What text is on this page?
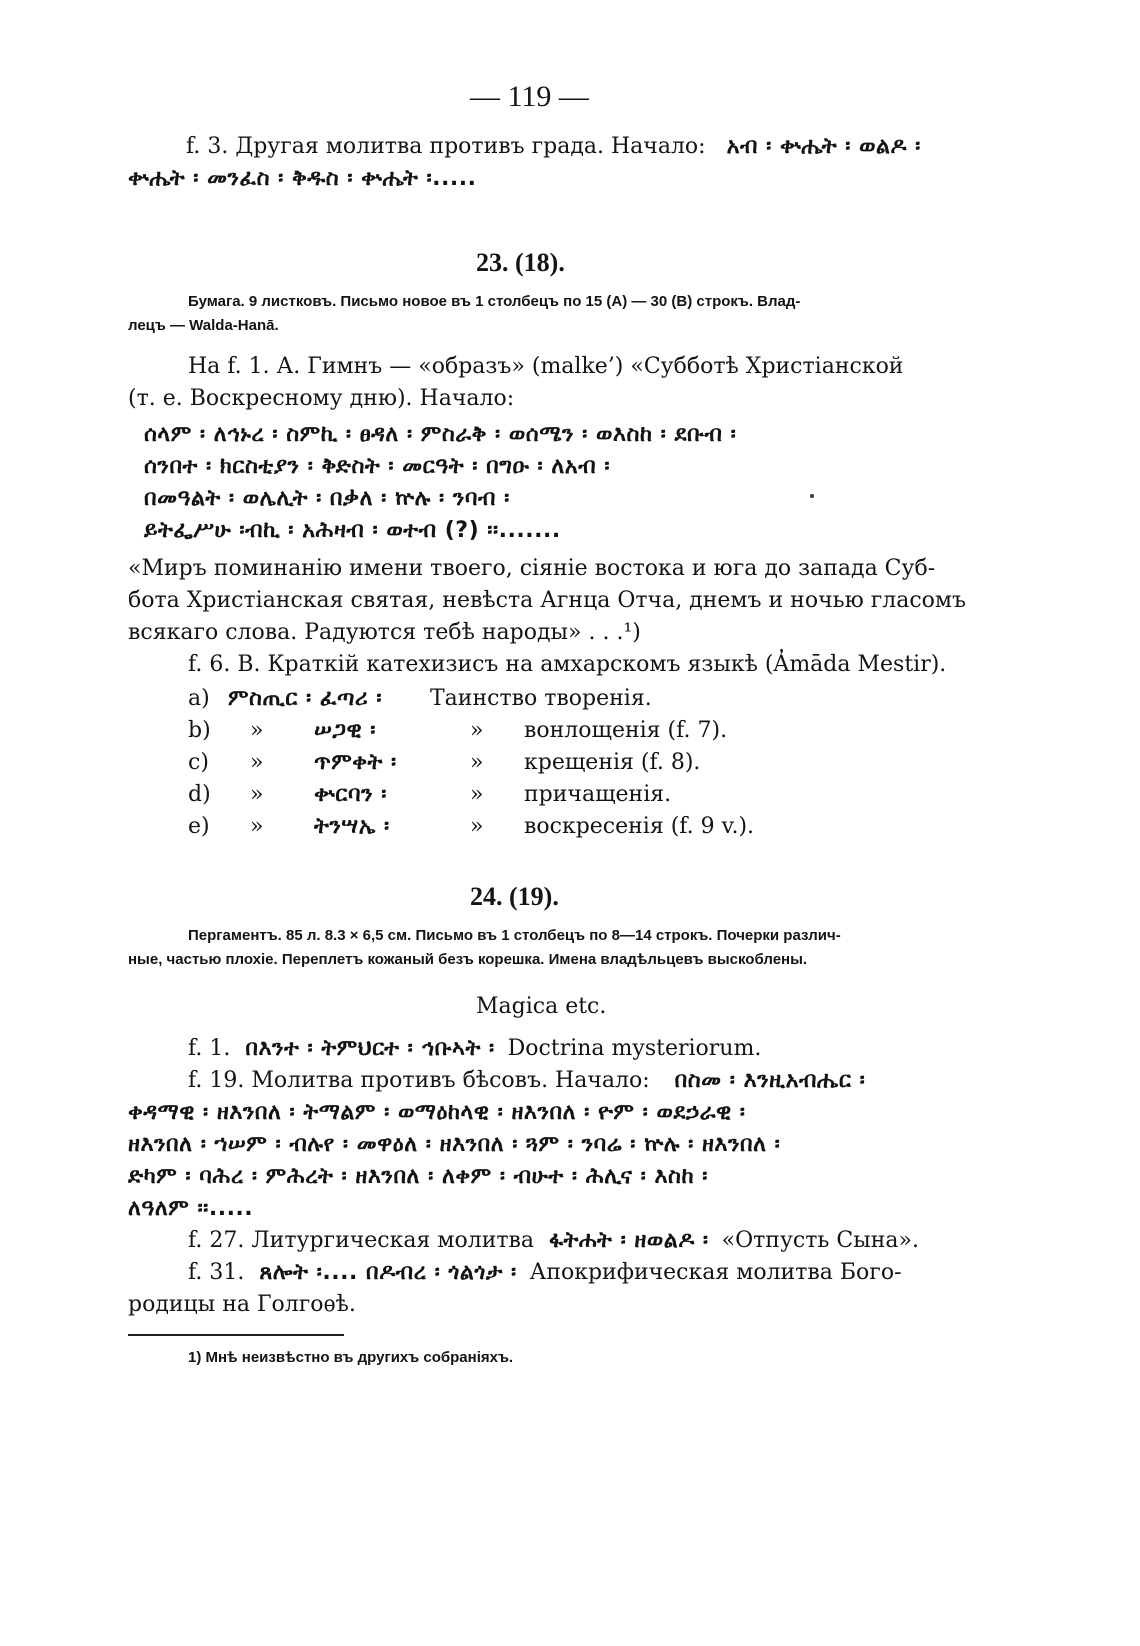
— 119 —
f. 3. Другая молитва противъ града. Начало: አብ ፡ ቍሔት ፡ ወልዶ ፡
ቍሔት ፡ መንፈስ ፡ ቅዱስ ፡ ቍሔት ፡.....
23. (18).
Бумага. 9 листковъ. Письмо новое въ 1 столбецъ по 15 (A) — 30 (B) строкъ. Влад-
лецъ — Walda-Hanā.
На f. 1. А. Гимнъ — «образъ» (malke’) «Субботѣ Христіанской
(т. е. Воскресному дню). Начало:
ሰላም ፡ ለኅኑረ ፡ ስምኪ ፡ ፀዳለ ፡ ምስራቅ ፡ ወሰሜን ፡ ወእስከ ፡ ደቡብ ፡
ሰንበተ ፡ ክርስቲያን ፡ ቅድስት ፡ መርዓት ፡ በግዑ ፡ ለአብ ፡
በመዓልት ፡ ወሌሊት ፡ በቃለ ፡ ኵሉ ፡ ንባብ ፡
ይትፌሥሁ ፡ብኪ ፡ አሕዛብ ፡ ወተብ (?) ፡፡.......
«Миръ поминанію имени твоего, сіяніе востока и юга до запада Суб-
бота Христіанская святая, невѣста Агнца Отча, днемъ и ночью гласомъ
всякаго слова. Радуются тебѣ народы» . . .¹)
f. 6. В. Краткій катехизисъ на амхарскомъ языкѣ (A̓māda Mestir).
a) ምስጢር ፡ ፈጣሪ ፡ Таинство творенія.
b) » ሠጋዊ ፡	» вонлощенія (f. 7).
c) » ጥምቀት ፡	» крещенія (f. 8).
d) » ቍርባን ፡	» причащенія.
e) » ትንሣኤ ፡	» воскресенія (f. 9 v.).
24. (19).
Пергаментъ. 85 л. 8.3 × 6,5 см. Письмо въ 1 столбецъ по 8—14 строкъ. Почерки различ-
ные, частью плохіе. Переплетъ кожаный безъ корешка. Имена владѣльцевъ выскоблены.
Magica etc.
f. 1. በእንተ ፡ ትምህርተ ፡ ኅቡኣት ፡ Doctrina mysteriorum.
f. 19. Молитва противъ бѣсовъ. Начало: በስመ ፡ እንዚአብሔር ፡
ቀዳማዊ ፡ ዘእንበለ ፡ ትማልም ፡ ወማዕከላዊ ፡ ዘእንበለ ፡ ዮም ፡ ወደኃራዊ ፡
ዘእንበለ ፡ ኀሠም ፡ ብሉየ ፡ መዋዕለ ፡ ዘእንበለ ፡ ጓም ፡ ንባሬ ፡ ኵሉ ፡ ዘእንበለ ፡
ድካም ፡ ባሕረ ፡ ምሕረት ፡ ዘእንበለ ፡ ለቀም ፡ ብሁተ ፡ ሕሊና ፡ እስከ ፡
ለዓለም ፡፡.....
f. 27. Литургическая молитва ፋትሐት ፡ ዘወልዶ ፡ «Отпусть Сына».
f. 31. ጸሎት ፡.... በዶብረ ፡ ጎልጎታ ፡ Апокрифическая молитва Бого-
родицы на Голгоѳѣ.
1) Мнѣ неизвѣстно въ другихъ собраніяхъ.
